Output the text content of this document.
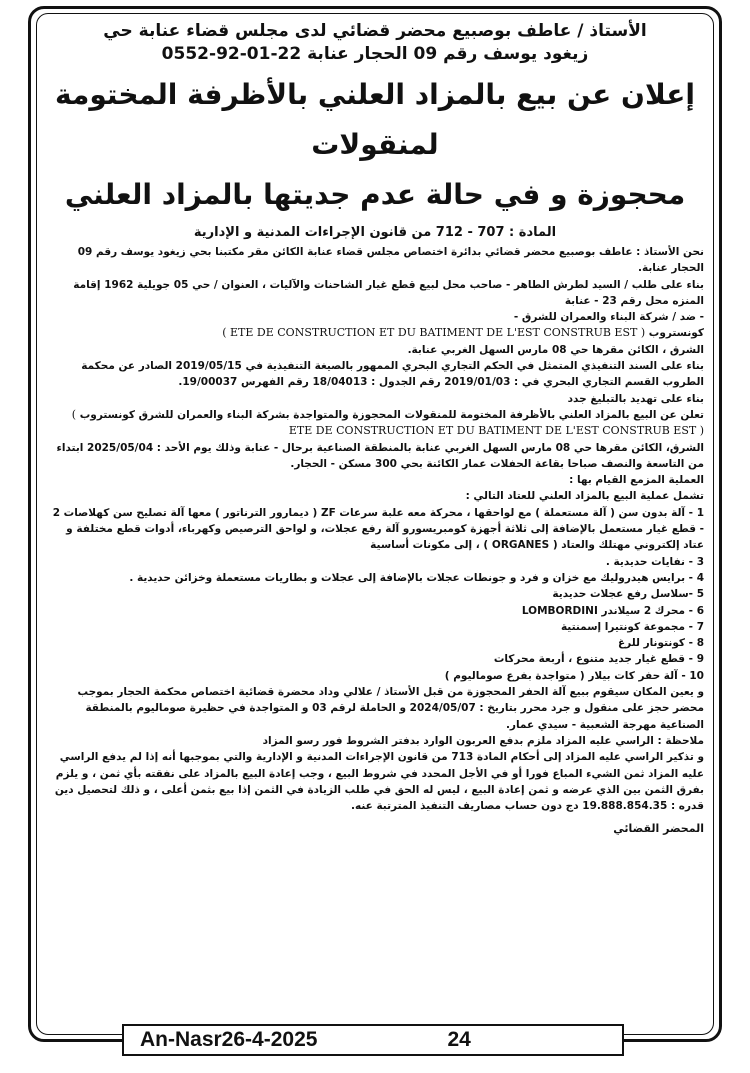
الأستاذ / عاطف بوصبيع محضر قضائي لدى مجلس قضاء عنابة حي

زيغود يوسف رقم 09 الحجار عنابة 22-01-92-0552

إعلان عن بيع بالمزاد العلني بالأظرفة المختومة لمنقولات

محجوزة و في حالة عدم جديتها بالمزاد العلني

المادة : 707 - 712 من قانون الإجراءات المدنية و الإدارية

نحن الأستاذ : عاطف بوصبيع محضر قضائي بدائرة اختصاص مجلس قضاء عنابة الكائن مقر مكتبنا بحي زيغود يوسف رقم 09 الحجار عنابة.

بناء على طلب / السيد لطرش الطاهر - صاحب محل لبيع قطع غيار الشاحنات والآليات ، العنوان / حي 05 جويلية 1962 إقامة المنزه محل رقم 23 - عنابة

- ضد / شركة البناء والعمران للشرق -

كونستروب ( ETE DE CONSTRUCTION ET DU BATIMENT DE L'EST CONSTRUB EST )

الشرق ، الكائن مقرها حي 08 مارس السهل الغربي عنابة.

بناء على السند التنفيذي المتمثل في الحكم التجاري البحري الممهور بالصيغة التنفيذية في 2019/05/15 الصادر عن محكمة الطروب القسم التجاري البحري في : 2019/01/03 رقم الجدول : 18/04013 رقم الفهرس 19/00037.

بناء على تهديد بالتبليغ جدد

تعلن عن البيع بالمزاد العلني بالأظرفة المختومة للمنقولات المحجوزة والمتواجدة بشركة البناء والعمران للشرق كونستروب ( ETE DE CONSTRUCTION ET DU BATIMENT DE L'EST CONSTRUB EST )

الشرق، الكائن مقرها حي 08 مارس السهل الغربي عنابة بالمنطقة الصناعية برحال - عنابة وذلك يوم الأحد : 2025/05/04 ابتداء من التاسعة والنصف صباحا بقاعة الحفلات عمار الكائنة بحي 300 مسكن - الحجار.

العملية المزمع القيام بها :

تشمل عملية البيع بالمزاد العلني للعتاد التالي :

1 - آلة بدون سن ( آلة مستعملة ) مع لواحقها ، محركة معه علبة سرعات ZF ( ديمارور الترناتور ) معها آلة تصليح سن كهلاصات 2 - قطع غيار مستعمل بالإضافة إلى ثلاثة أجهزة كومبريسورو آلة رفع عجلات، و لواحق الترصيص وكهرباء، أدوات قطع مختلفة و عتاد إلكتروني مهتلك والعتاد ( ORGANES ) ، إلى مكونات أساسية

3 - نفايات حديدية .

4 - برايس هيدروليك مع خزان و فرد و جونطات عجلات بالإضافة إلى عجلات و بطاريات مستعملة وخزائن حديدية .

5 -سلاسل رفع عجلات حديدية

6 - محرك 2 سيلاندر LOMBORDINI

7 - مجموعة كونتيرا إسمنتية

8 - كونتونار للرغ

9 - قطع غيار جديد متنوع ، أربعة محركات

10 - آلة حفر كات بيلار ( متواجدة بفرع صوماليوم )

و يعين المكان سيقوم ببيع آلة الحفر المحجوزة من قبل الأستاذ / علالي وداد محضرة قضائية اختصاص محكمة الحجار بموجب محضر حجز على منقول و جرد محرر بتاريخ : 2024/05/07 و الحاملة لرقم 03 و المتواجدة في حظيرة صوماليوم بالمنطقة الصناعية مهرجة الشعبية - سيدي عمار.

ملاحظة : الراسي عليه المزاد ملزم بدفع العربون الوارد بدفتر الشروط فور رسو المزاد

و تذكير الراسي عليه المزاد إلى أحكام المادة 713 من قانون الإجراءات المدنية و الإدارية والتي بموجبها أنه إذا لم يدفع الراسي عليه المزاد ثمن الشيء المباع فورا أو في الأجل المحدد في شروط البيع ، وجب إعادة البيع بالمزاد على نفقته بأي ثمن ، و يلزم بفرق الثمن بين الذي عرضه و ثمن إعادة البيع ، ليس له الحق في طلب الزيادة في الثمن إذا بيع بثمن أعلى ، و ذلك لتحصيل دين قدره : 19.888.854.35 دج دون حساب مصاريف التنفيذ المترتبة عنه.

المحضر القضائي

An-Nasr26-4-2025	24
